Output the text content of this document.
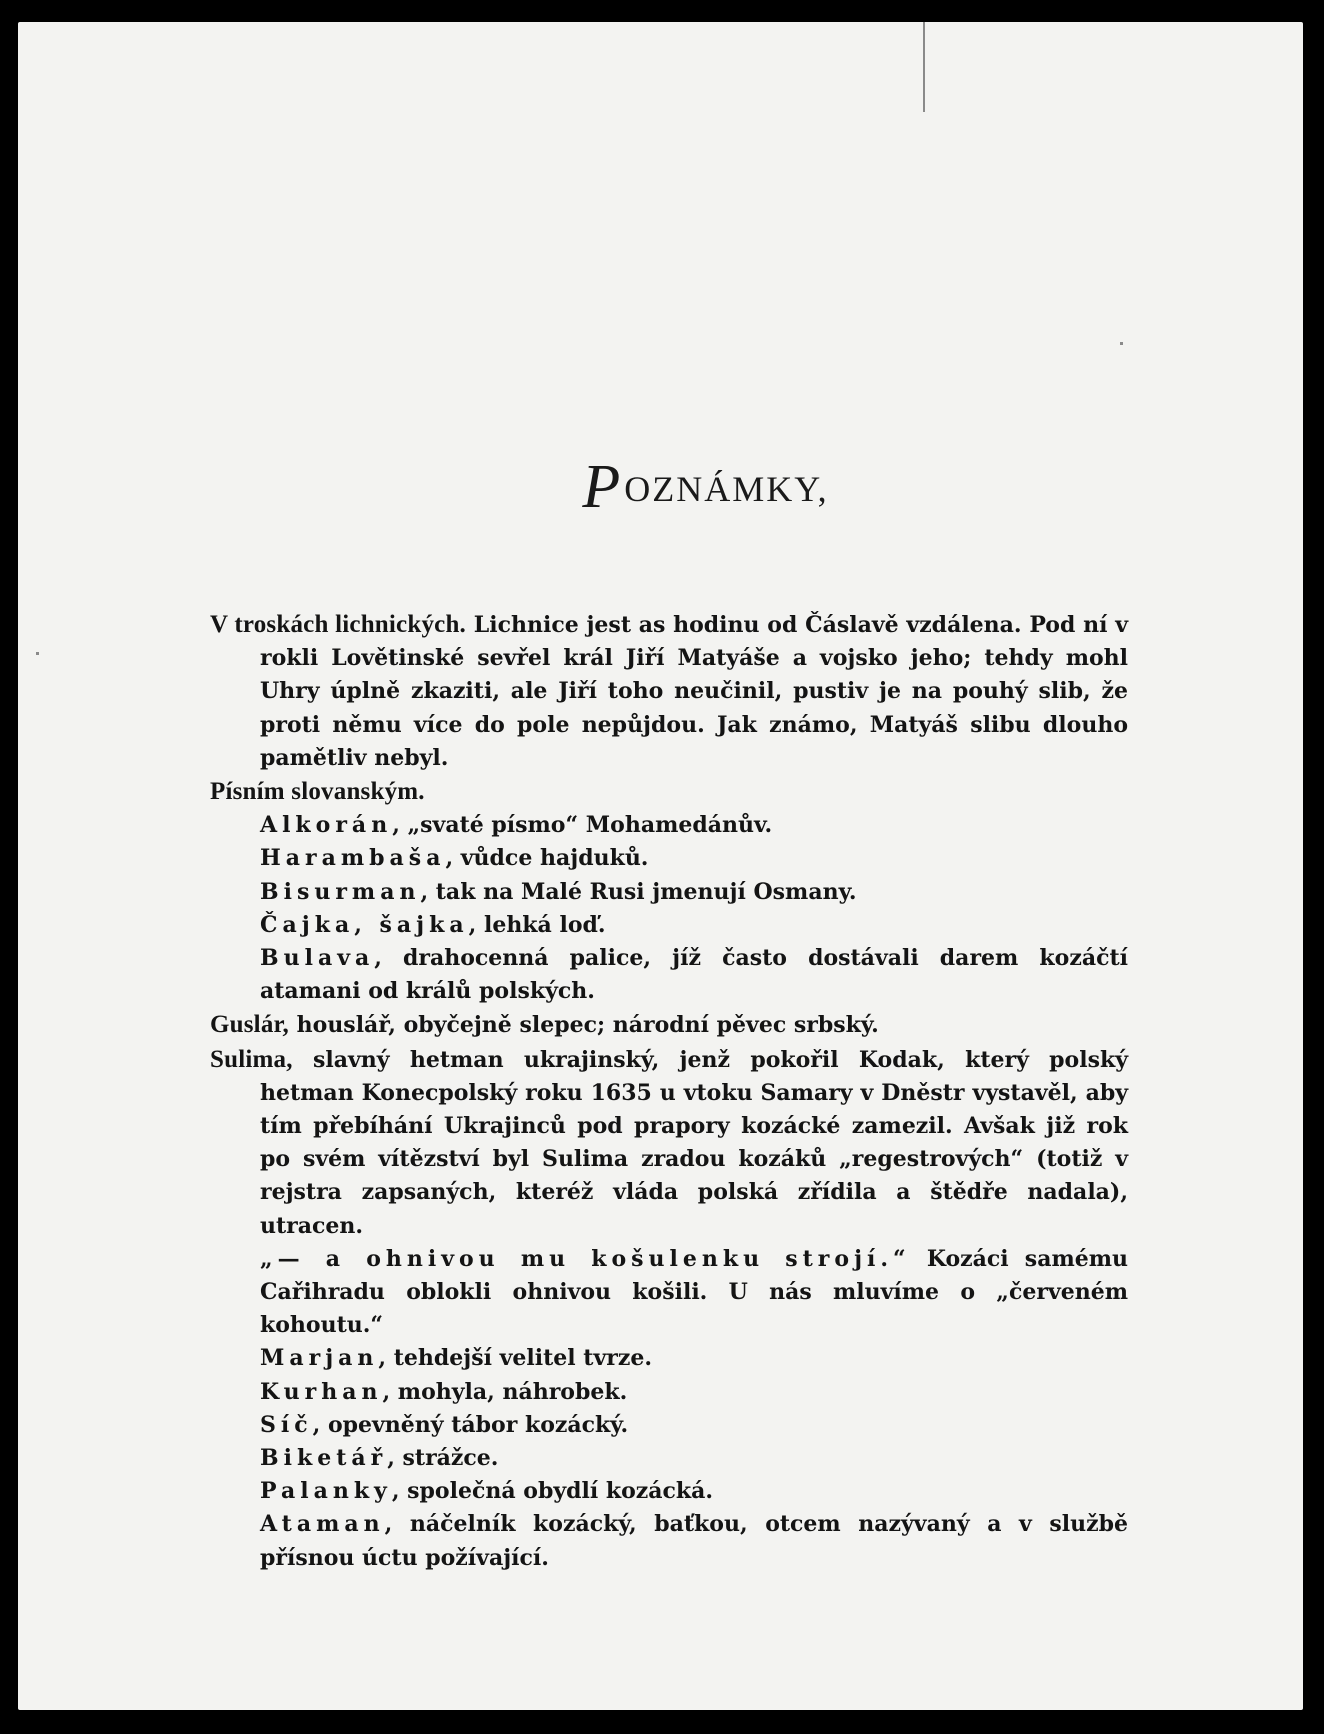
POZNÁMKY,

V troskách lichnických. Lichnice jest as hodinu od Čáslavě vzdálena. Pod ní v rokli Lovětinské sevřel král Jiří Matyáše a vojsko jeho; tehdy mohl Uhry úplně zkaziti, ale Jiří toho neučinil, pustiv je na pouhý slib, že proti němu více do pole nepůjdou. Jak známo, Matyáš slibu dlouho pamětliv nebyl.

Písním slovanským.

Alkorán, „svaté písmo“ Mohamedánův.

Harambaša, vůdce hajduků.

Bisurman, tak na Malé Rusi jmenují Osmany.

Čajka, šajka, lehká loď.

Bulava, drahocenná palice, jíž často dostávali darem kozáčtí atamani od králů polských.

Guslár, houslář, obyčejně slepec; národní pěvec srbský.

Sulima, slavný hetman ukrajinský, jenž pokořil Kodak, který polský hetman Konecpolský roku 1635 u vtoku Samary v Dněstr vystavěl, aby tím přebíhání Ukrajinců pod prapory kozácké zamezil. Avšak již rok po svém vítězství byl Sulima zradou kozáků „regestrových“ (totiž v rejstra zapsaných, kteréž vláda polská zřídila a štědře nadala), utracen.

„— a ohnivou mu košulenku strojí.“ Kozáci samému Cařihradu oblokli ohnivou košili. U nás mluvíme o „červeném kohoutu.“

Marjan, tehdejší velitel tvrze.

Kurhan, mohyla, náhrobek.

Síč, opevněný tábor kozácký.

Biketář, strážce.

Palanky, společná obydlí kozácká.

Ataman, náčelník kozácký, baťkou, otcem nazývaný a v službě přísnou úctu požívající.
